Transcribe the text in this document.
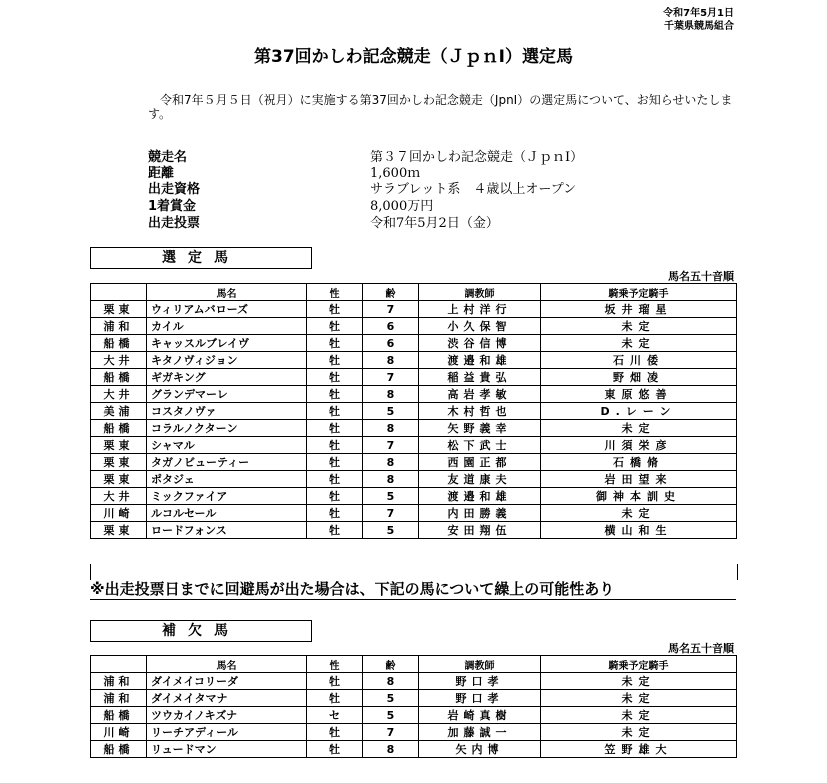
令和7年5月1日
千葉県競馬組合
第37回かしわ記念競走（ＪｐｎⅠ）選定馬
　令和7年５月５日（祝月）に実施する第37回かしわ記念競走（JpnⅠ）の選定馬について、お知らせいたします。
競走名	第３７回かしわ記念競走（ＪｐｎⅠ）
距離	1,600ｍ
出走資格	サラブレット系　４歳以上オープン
1着賞金	8,000万円
出走投票	令和7年5月2日（金）
選定馬
馬名五十音順
	馬名	性	齢	調教師	騎乗予定騎手
栗東	ウィリアムバローズ	牡	7	上村洋行	坂井瑠星
浦和	カイル	牡	6	小久保智	未定
船橋	キャッスルブレイヴ	牡	6	渋谷信博	未定
大井	キタノヴィジョン	牡	8	渡邉和雄	石川倭
船橋	ギガキング	牡	7	稲益貴弘	野畑凌
大井	グランデマーレ	牡	8	高岩孝敏	東原悠善
美浦	コスタノヴァ	牡	5	木村哲也	D.レーン
船橋	コラルノクターン	牡	8	矢野義幸	未定
栗東	シャマル	牡	7	松下武士	川須栄彦
栗東	タガノビューティー	牡	8	西園正都	石橋脩
栗東	ポタジェ	牡	8	友道康夫	岩田望来
大井	ミックファイア	牡	5	渡邉和雄	御神本訓史
川崎	ルコルセール	牡	7	内田勝義	未定
栗東	ロードフォンス	牡	5	安田翔伍	横山和生
※出走投票日までに回避馬が出た場合は、下記の馬について繰上の可能性あり
補欠馬
馬名五十音順
	馬名	性	齢	調教師	騎乗予定騎手
浦和	ダイメイコリーダ	牡	8	野口孝	未定
浦和	ダイメイタマナ	牡	5	野口孝	未定
船橋	ツウカイノキズナ	セ	5	岩崎真樹	未定
川崎	リーチアディール	牡	7	加藤誠一	未定
船橋	リュードマン	牡	8	矢内博	笠野雄大
